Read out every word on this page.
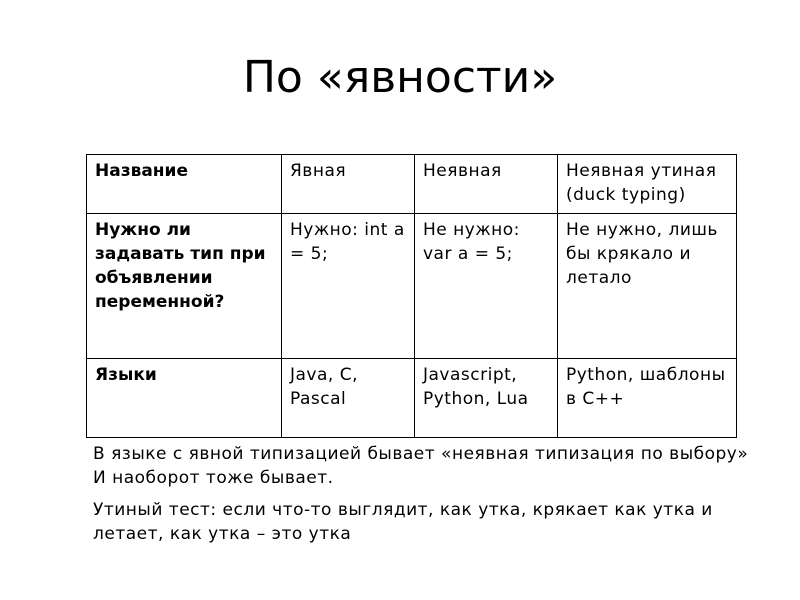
По «явности»
Название	Явная	Неявная	Неявная утиная (duck typing)

Нужно ли задавать тип при объявлении переменной?	Нужно: int a = 5;	Не нужно: var a = 5;	Не нужно, лишь бы крякало и летало
Языки	Java, C, Pascal	Javascript, Python, Lua	Python, шаблоны в С++

В языке с явной типизацией бывает «неявная типизация по выбору»

И наоборот тоже бывает.

Утиный тест: если что-то выглядит, как утка, крякает как утка и летает, как утка – это утка
